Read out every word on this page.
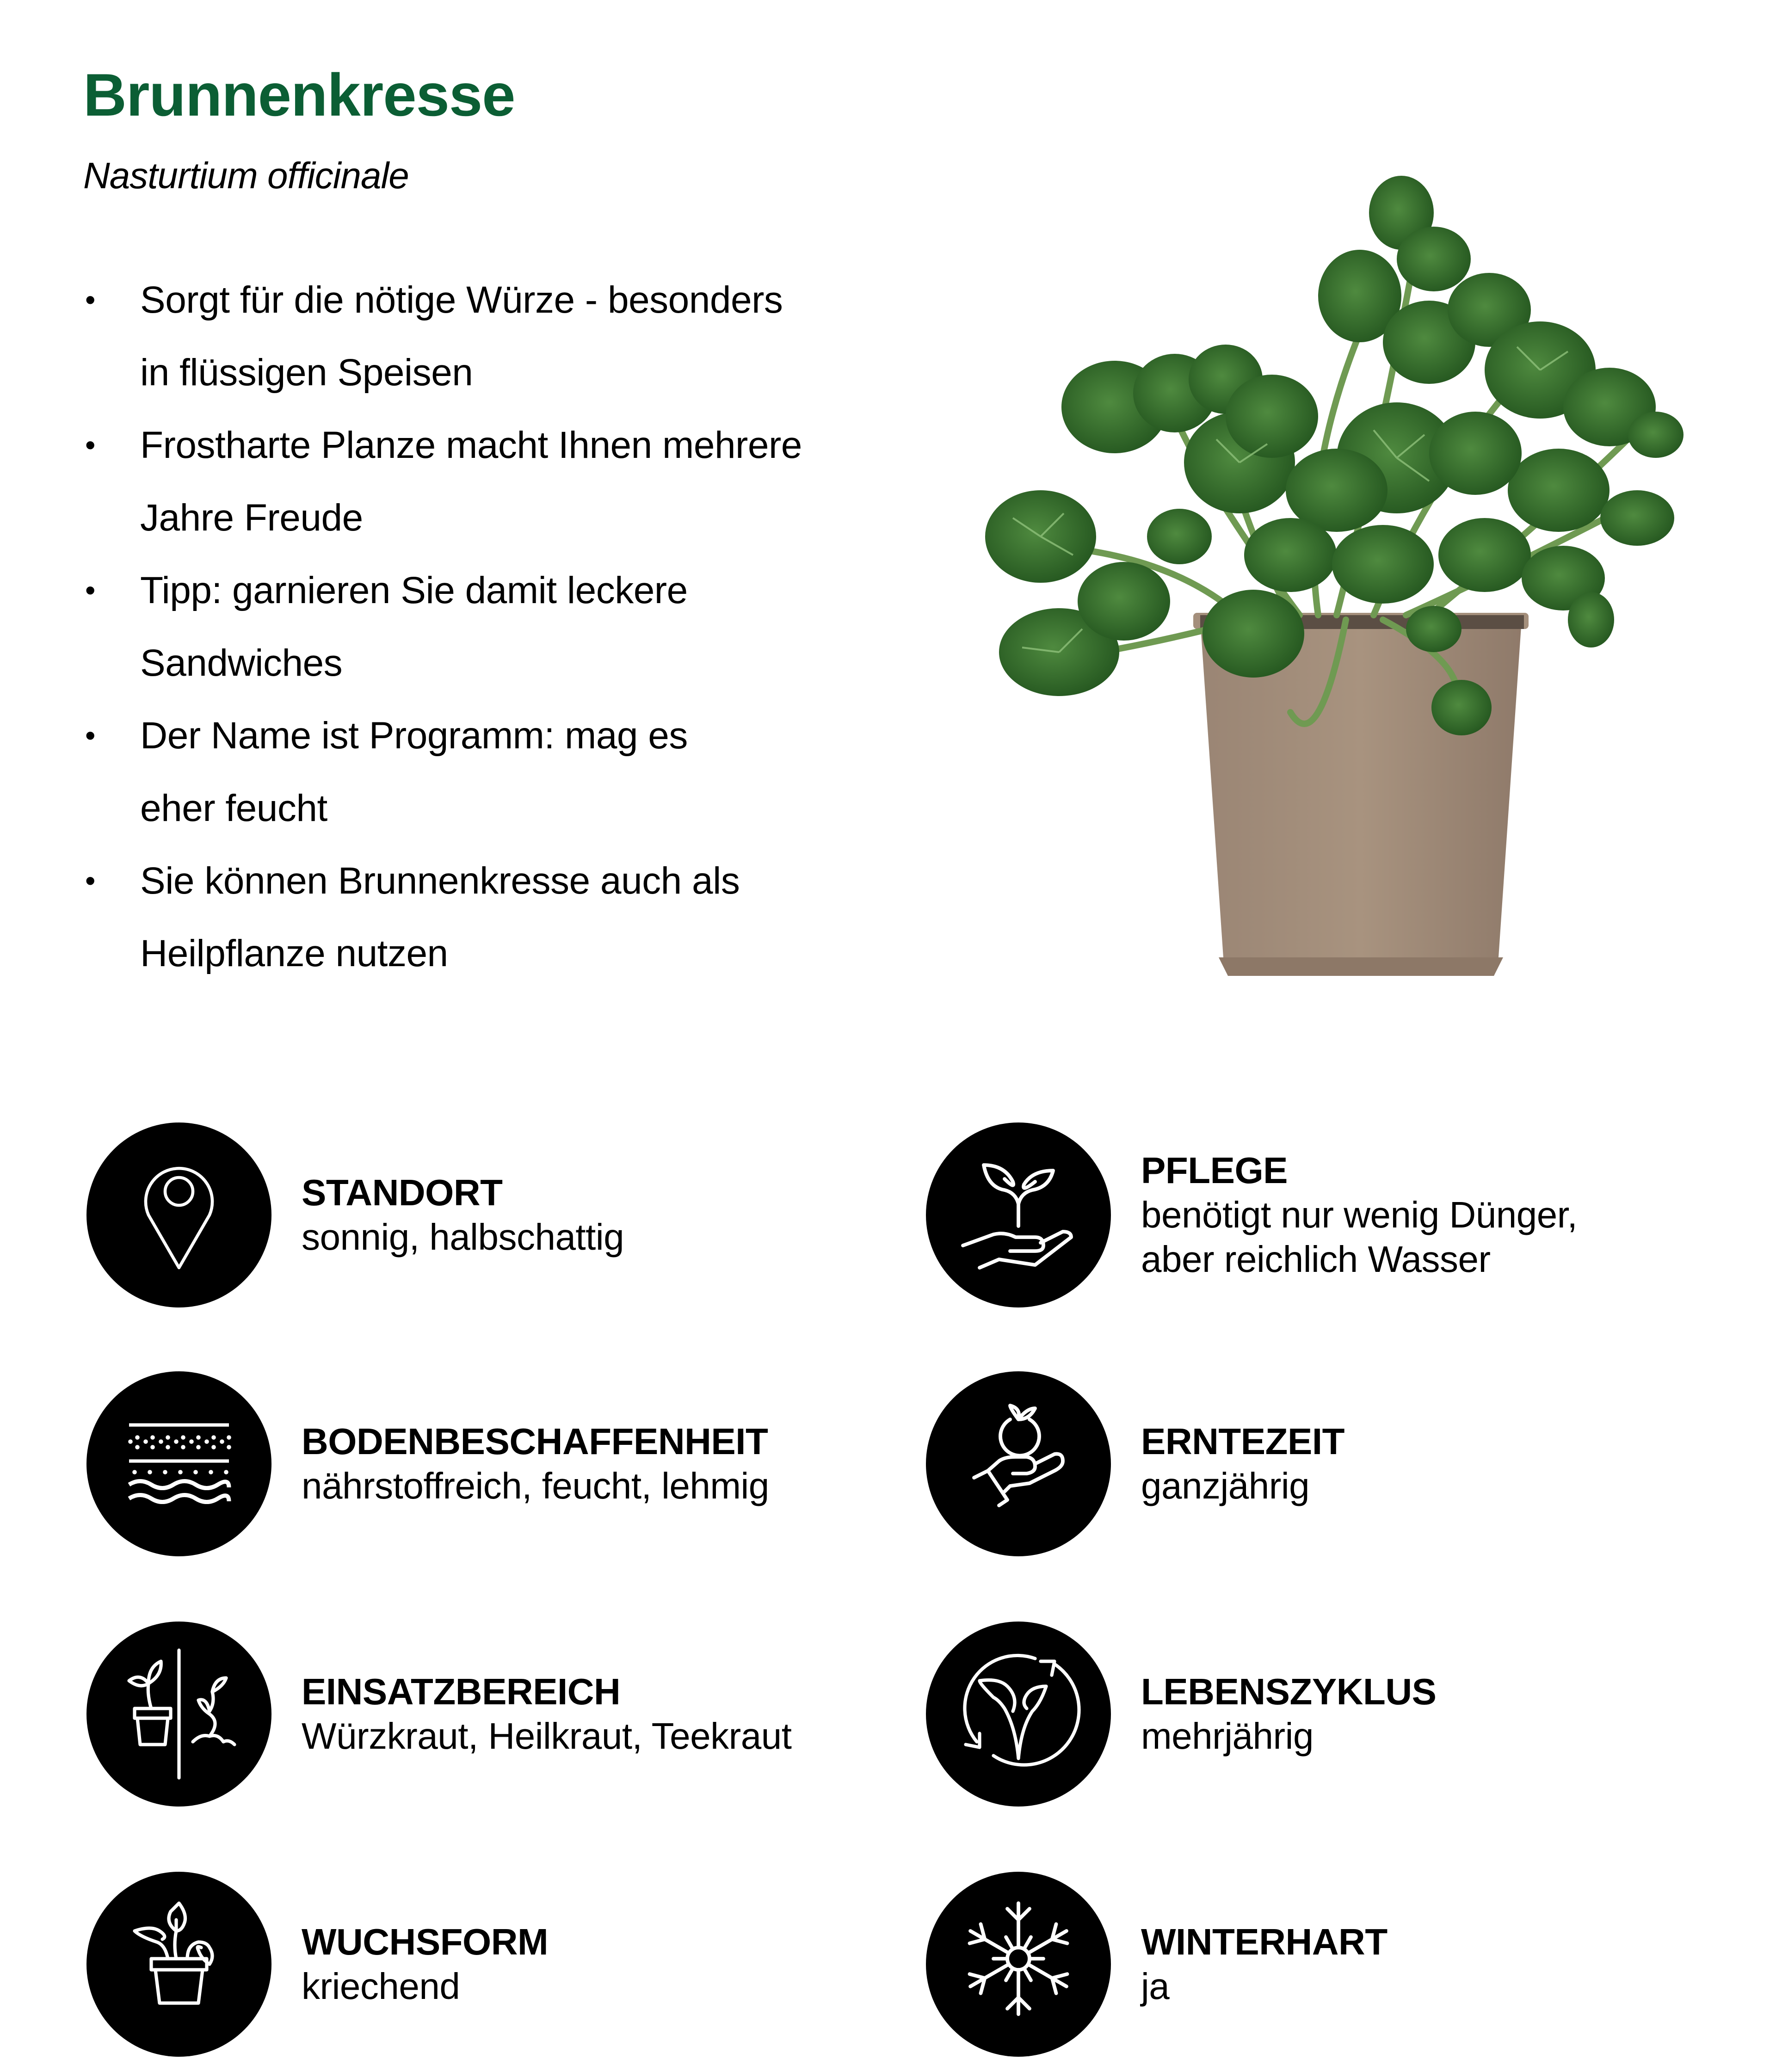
Brunnenkresse

Nasturtium officinale

• Sorgt für die nötige Würze - besonders
in flüssigen Speisen
• Frostharte Planze macht Ihnen mehrere
Jahre Freude
• Tipp: garnieren Sie damit leckere
Sandwiches
• Der Name ist Programm: mag es
eher feucht
• Sie können Brunnenkresse auch als
Heilpflanze nutzen
STANDORT
sonnig, halbschattig
PFLEGE
benötigt nur wenig Dünger,
aber reichlich Wasser
BODENBESCHAFFENHEIT
nährstoffreich, feucht, lehmig
ERNTEZEIT
ganzjährig
EINSATZBEREICH
Würzkraut, Heilkraut, Teekraut
LEBENSZYKLUS
mehrjährig
WUCHSFORM
kriechend
WINTERHART
ja
